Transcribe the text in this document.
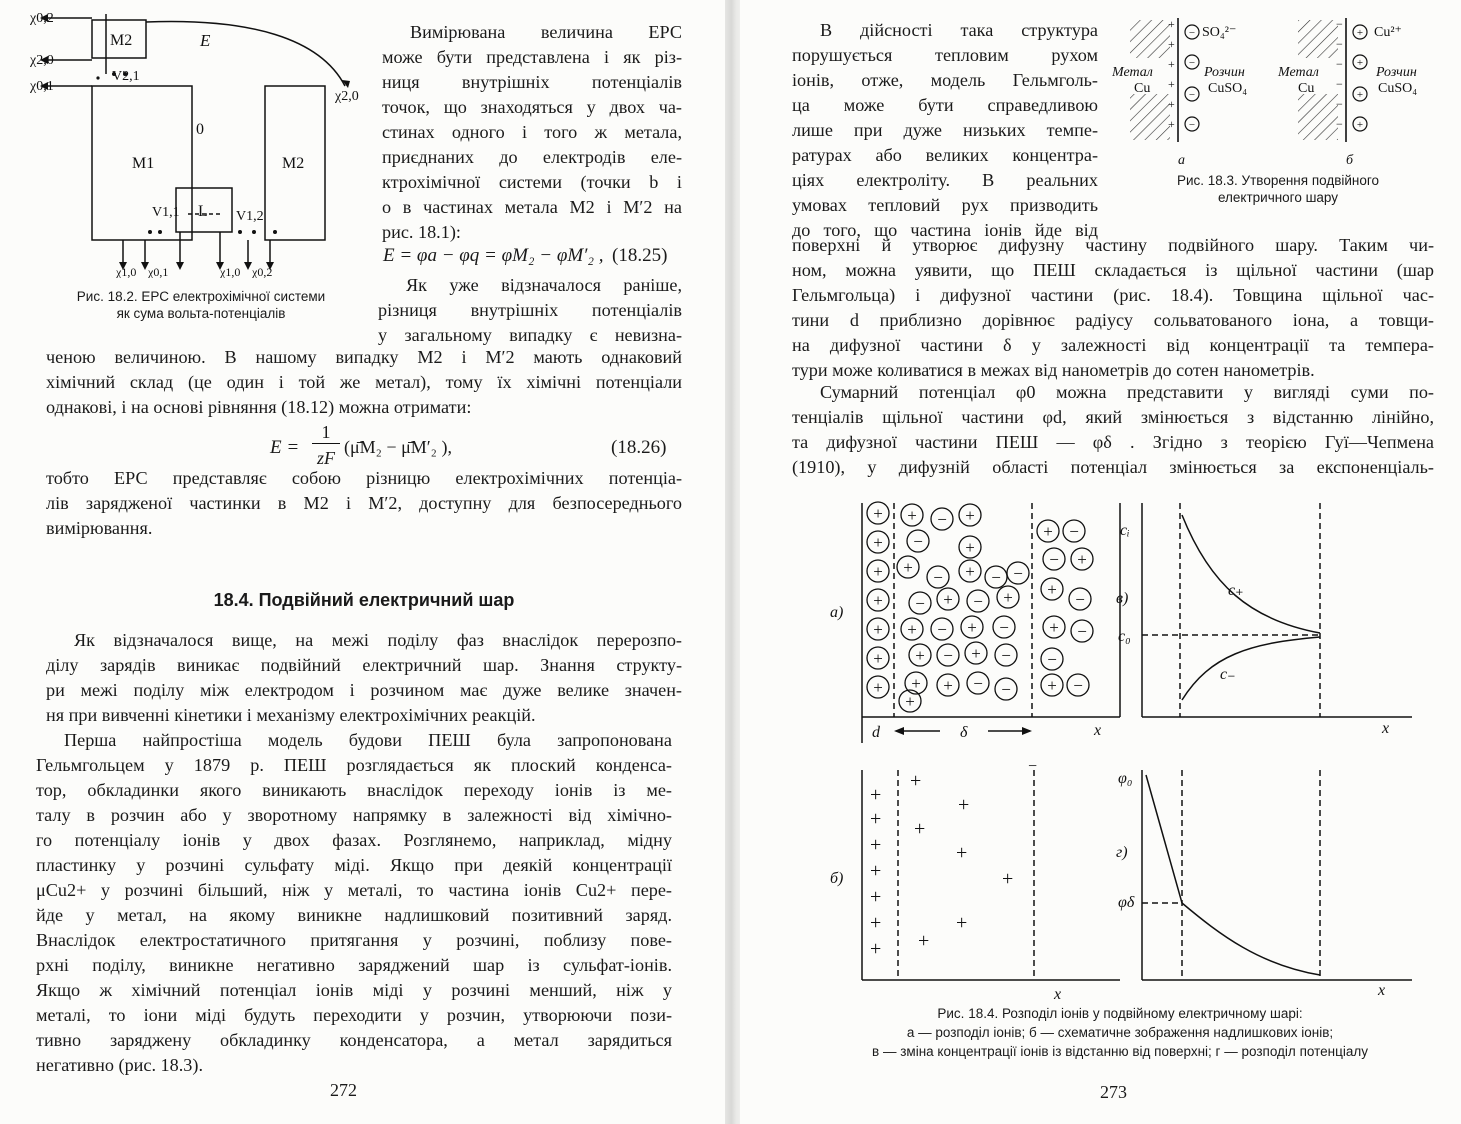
χ0,2
χ2,0
χ0,1
χ2,0
M2	E
V2,1
0
M1	M2
V1,1 L V1,2
χ1,0 χ0,1	χ1,0 χ0,2
Рис. 18.2. ЕРС електрохімічної системи
як сума вольта-потенціалів
Вимірювана величина ЕРС
може бути представлена і як різ-
ниця внутрішніх потенціалів
точок, що знаходяться у двох ча-
стинах одного і того ж метала,
приєднаних до електродів еле-
ктрохімічної системи (точки b і
o в частинах метала M2 і M′2 на
рис. 18.1):
E = φa − φq = φM₂ − φM′₂ , (18.25)
Як уже відзначалося раніше,
різниця внутрішніх потенціалів
у загальному випадку є невизна-
ченою величиною. В нашому випадку M2 і M′2 мають однаковий
хімічний склад (це один і той же метал), тому їх хімічні потенціали
однакові, і на основі рівняння (18.12) можна отримати:
E =
1
zF
(μ̄M₂ − μ̄M′₂ ),	(18.26)
тобто ЕРС представляє собою різницю електрохімічних потенціа-
лів зарядженої частинки в M2 і M′2, доступну для безпосереднього
вимірювання.
18.4. Подвійний електричний шар
Як відзначалося вище, на межі поділу фаз внаслідок перерозпо-
ділу зарядів виникає подвійний електричний шар. Знання структу-
ри межі поділу між електродом і розчином має дуже велике значен-
ня при вивченні кінетики і механізму електрохімічних реакцій.
Перша найпростіша модель будови ПЕШ була запропонована
Гельмгольцем у 1879 р. ПЕШ розглядається як плоский конденса-
тор, обкладинки якого виникають внаслідок переходу іонів із ме-
талу в розчин або у зворотному напрямку в залежності від хімічно-
го потенціалу іонів у двох фазах. Розглянемо, наприклад, мідну
пластинку у розчині сульфату міді. Якщо при деякій концентрації
μCu2+ у розчині більший, ніж у металі, то частина іонів Cu2+ пере-
йде у метал, на якому виникне надлишковий позитивний заряд.
Внаслідок електростатичного притягання у розчині, поблизу пове-
рхні поділу, виникне негативно заряджений шар із сульфат-іонів.
Якщо ж хімічний потенціал іонів міді у розчині менший, ніж у
металі, то іони міді будуть переходити у розчин, утворюючи пози-
тивно заряджену обкладинку конденсатора, а метал зарядиться
негативно (рис. 18.3).
272
В дійсності така структура
порушується тепловим рухом
іонів, отже, модель Гельмголь-
ца може бути справедливою
лише при дуже низьких темпе-
ратурах або великих концентра-
ціях електроліту. В реальних
умовах тепловий рух призводить
до того, що частина іонів йде від
+
+
+
+
+
+
−
−
−
−
−
−
−
−
−
−
+
+
+
+
Метал
Cu
SO₄²⁻
Розчин
CuSO₄
Метал
Cu
Cu²⁺
Розчин
CuSO₄
а	б
Рис. 18.3. Утворення подвійного
електричного шару
поверхні й утворює дифузну частину подвійного шару. Таким чи-
ном, можна уявити, що ПЕШ складається із щільної частини (шар
Гельмгольца) і дифузної частини (рис. 18.4). Товщина щільної час-
тини d приблизно дорівнює радіусу сольватованого іона, а товщи-
на дифузної частини δ у залежності від концентрації та темпера-
тури може коливатися в межах від нанометрів до сотен нанометрів.
Сумарний потенціал φ0 можна представити у вигляді суми по-
тенціалів щільної частини φd, який змінюється з відстанню лінійно,
та дифузної частини ПЕШ — φδ . Згідно з теорією Гуї—Чепмена
(1910), у дифузній області потенціал змінюється за експоненціаль-
+
+
+
+
+
+
+
+ − +
− +
+
− + − −
− + − +
+ − + −
+ − + −
+ + − −
+
+ −
− +
+
−
+ −
−
−
+
+
+
+
+
+
+
+
+
+
+
+
+
+
+
а)
в)
б)
г)
d	δ	x	x
x	x
cᵢ
c₊
c₀
c₋
φ₀
φδ
−
Рис. 18.4. Розподіл іонів у подвійному електричному шарі:
а — розподіл іонів; б — схематичне зображення надлишкових іонів;
в — зміна концентрації іонів із відстанню від поверхні; г — розподіл потенціалу
273
